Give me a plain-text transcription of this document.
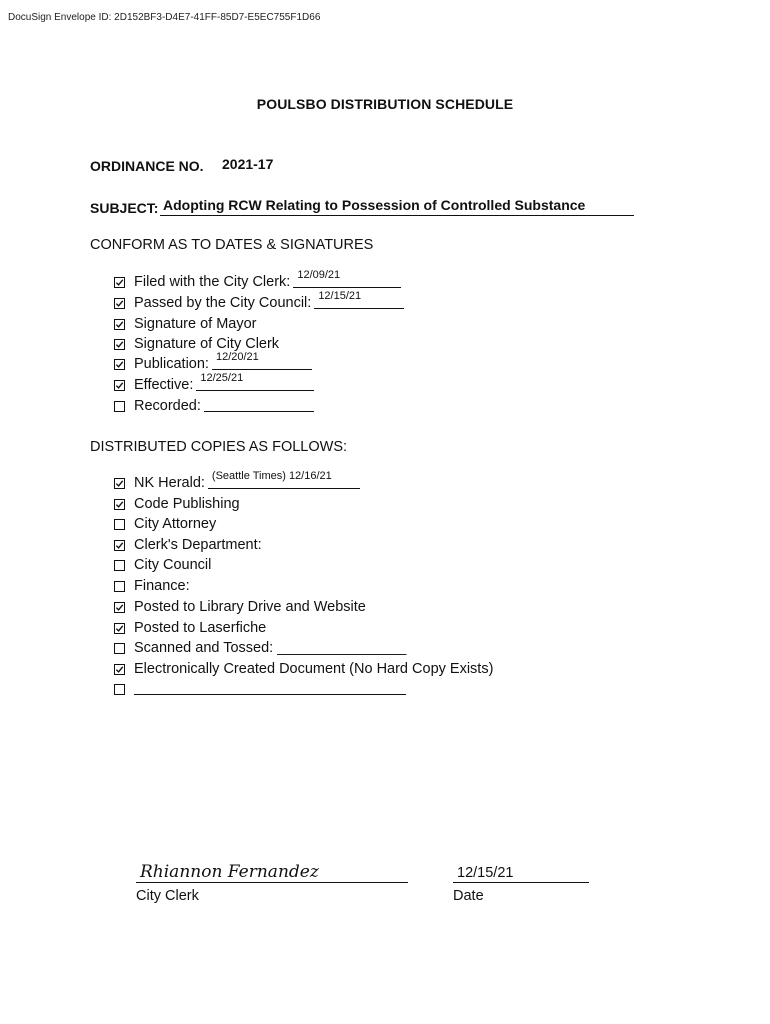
DocuSign Envelope ID: 2D152BF3-D4E7-41FF-85D7-E5EC755F1D66
POULSBO DISTRIBUTION SCHEDULE
ORDINANCE NO. 2021-17
SUBJECT: Adopting RCW Relating to Possession of Controlled Substance
CONFORM AS TO DATES & SIGNATURES
Filed with the City Clerk: 12/09/21
Passed by the City Council: 12/15/21
Signature of Mayor
Signature of City Clerk
Publication: 12/20/21
Effective: 12/25/21
Recorded:
DISTRIBUTED COPIES AS FOLLOWS:
NK Herald: (Seattle Times) 12/16/21
Code Publishing
City Attorney
Clerk's Department:
City Council
Finance:
Posted to Library Drive and Website
Posted to Laserfiche
Scanned and Tossed: ________________
Electronically Created Document (No Hard Copy Exists)
Rhiannon Fernandez
City Clerk
12/15/21
Date
